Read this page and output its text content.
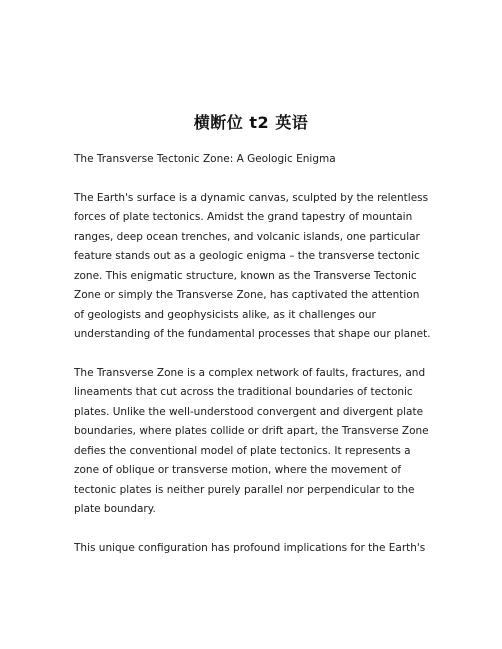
横断位 t2 英语

The Transverse Tectonic Zone: A Geologic Enigma

The Earth's surface is a dynamic canvas, sculpted by the relentless forces of plate tectonics. Amidst the grand tapestry of mountain ranges, deep ocean trenches, and volcanic islands, one particular feature stands out as a geologic enigma – the transverse tectonic zone. This enigmatic structure, known as the Transverse Tectonic Zone or simply the Transverse Zone, has captivated the attention of geologists and geophysicists alike, as it challenges our understanding of the fundamental processes that shape our planet.

The Transverse Zone is a complex network of faults, fractures, and lineaments that cut across the traditional boundaries of tectonic plates. Unlike the well-understood convergent and divergent plate boundaries, where plates collide or drift apart, the Transverse Zone defies the conventional model of plate tectonics. It represents a zone of oblique or transverse motion, where the movement of tectonic plates is neither purely parallel nor perpendicular to the plate boundary.

This unique configuration has profound implications for the Earth's
